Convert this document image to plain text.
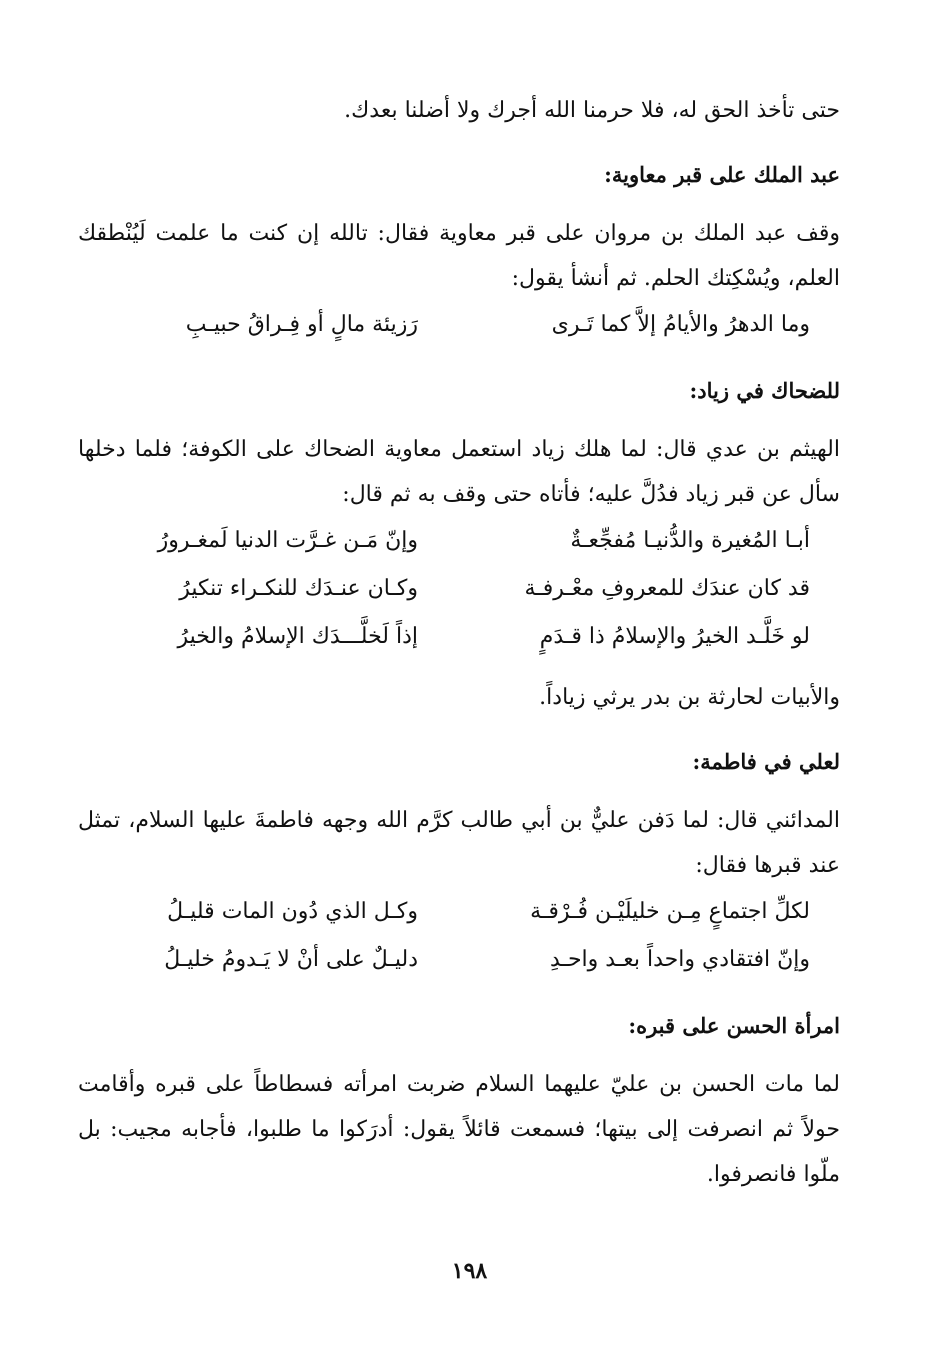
حتى تأخذ الحق له، فلا حرمنا الله أجرك ولا أضلنا بعدك.

عبد الملك على قبر معاوية:

وقف عبد الملك بن مروان على قبر معاوية فقال: تالله إن كنت ما علمت لَيُنْطقك العلم، ويُسْكِتك الحلم. ثم أنشأ يقول:

وما الدهرُ والأيامُ إلاَّ كما تَـرى
رَزيئة مالٍ أو فِـراقُ حبيـبِ
للضحاك في زياد:

الهيثم بن عدي قال: لما هلك زياد استعمل معاوية الضحاك على الكوفة؛ فلما دخلها سأل عن قبر زياد فدُلَّ عليه؛ فأتاه حتى وقف به ثم قال:

أبـا المُغيرة والدُّنيـا مُفجِّعـةٌ
وإنّ مَـن غـرَّت الدنيا لَمغـرورُ
قد كان عندَك للمعروفِ معْـرفـة
وكـان عنـدَك للنكـراء تنكيرُ
لو خَلَّـد الخيرُ والإسلامُ ذا قـدَمٍ
إذاً لَخلَّـــدَك الإسلامُ والخيرُ

والأبيات لحارثة بن بدر يرثي زياداً.

لعلي في فاطمة:

المدائني قال: لما دَفن عليٌّ بن أبي طالب كرَّم الله وجهه فاطمةَ عليها السلام، تمثل عند قبرها فقال:

لكلِّ اجتماعٍ مِـن خليلَيْـن فُـرْقـة
وكـل الذي دُون المات قليـلُ
وإنّ افتقادي واحداً بعـد واحـدِ
دليـلٌ على أنْ لا يَـدومُ خليـلُ
امرأة الحسن على قبره:

لما مات الحسن بن عليّ عليهما السلام ضربت امرأته فسطاطاً على قبره وأقامت حولاً ثم انصرفت إلى بيتها؛ فسمعت قائلاً يقول: أدرَكوا ما طلبوا، فأجابه مجيب: بل ملّوا فانصرفوا.

١٩٨
